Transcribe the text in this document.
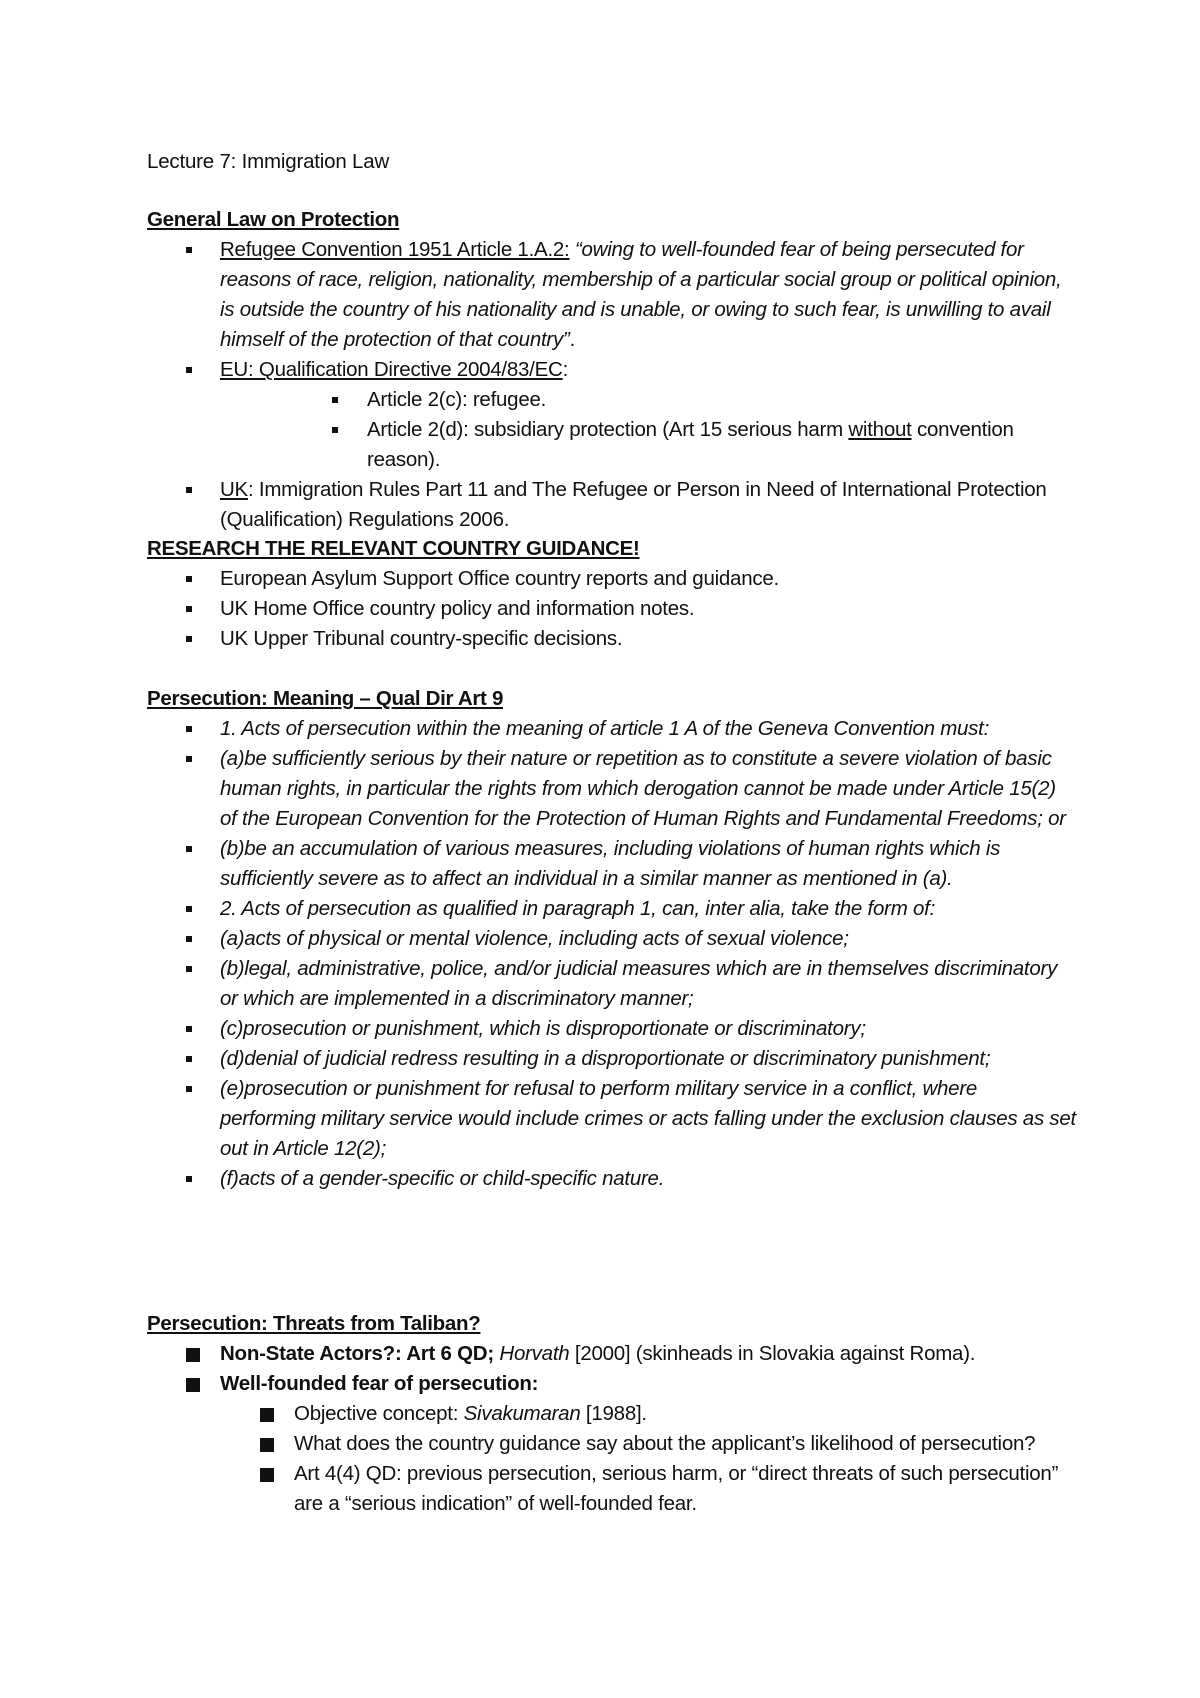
Lecture 7: Immigration Law
General Law on Protection
Refugee Convention 1951 Article 1.A.2: “owing to well-founded fear of being persecuted for reasons of race, religion, nationality, membership of a particular social group or political opinion, is outside the country of his nationality and is unable, or owing to such fear, is unwilling to avail himself of the protection of that country”.
EU: Qualification Directive 2004/83/EC:
Article 2(c): refugee.
Article 2(d): subsidiary protection (Art 15 serious harm without convention reason).
UK: Immigration Rules Part 11 and The Refugee or Person in Need of International Protection (Qualification) Regulations 2006.
RESEARCH THE RELEVANT COUNTRY GUIDANCE!
European Asylum Support Office country reports and guidance.
UK Home Office country policy and information notes.
UK Upper Tribunal country-specific decisions.
Persecution: Meaning – Qual Dir Art 9
1. Acts of persecution within the meaning of article 1 A of the Geneva Convention must:
(a)be sufficiently serious by their nature or repetition as to constitute a severe violation of basic human rights, in particular the rights from which derogation cannot be made under Article 15(2) of the European Convention for the Protection of Human Rights and Fundamental Freedoms; or
(b)be an accumulation of various measures, including violations of human rights which is sufficiently severe as to affect an individual in a similar manner as mentioned in (a).
2. Acts of persecution as qualified in paragraph 1, can, inter alia, take the form of:
(a)acts of physical or mental violence, including acts of sexual violence;
(b)legal, administrative, police, and/or judicial measures which are in themselves discriminatory or which are implemented in a discriminatory manner;
(c)prosecution or punishment, which is disproportionate or discriminatory;
(d)denial of judicial redress resulting in a disproportionate or discriminatory punishment;
(e)prosecution or punishment for refusal to perform military service in a conflict, where performing military service would include crimes or acts falling under the exclusion clauses as set out in Article 12(2);
(f)acts of a gender-specific or child-specific nature.
Persecution: Threats from Taliban?
Non-State Actors?: Art 6 QD; Horvath [2000] (skinheads in Slovakia against Roma).
Well-founded fear of persecution:
Objective concept: Sivakumaran [1988].
What does the country guidance say about the applicant’s likelihood of persecution?
Art 4(4) QD: previous persecution, serious harm, or “direct threats of such persecution” are a “serious indication” of well-founded fear.
